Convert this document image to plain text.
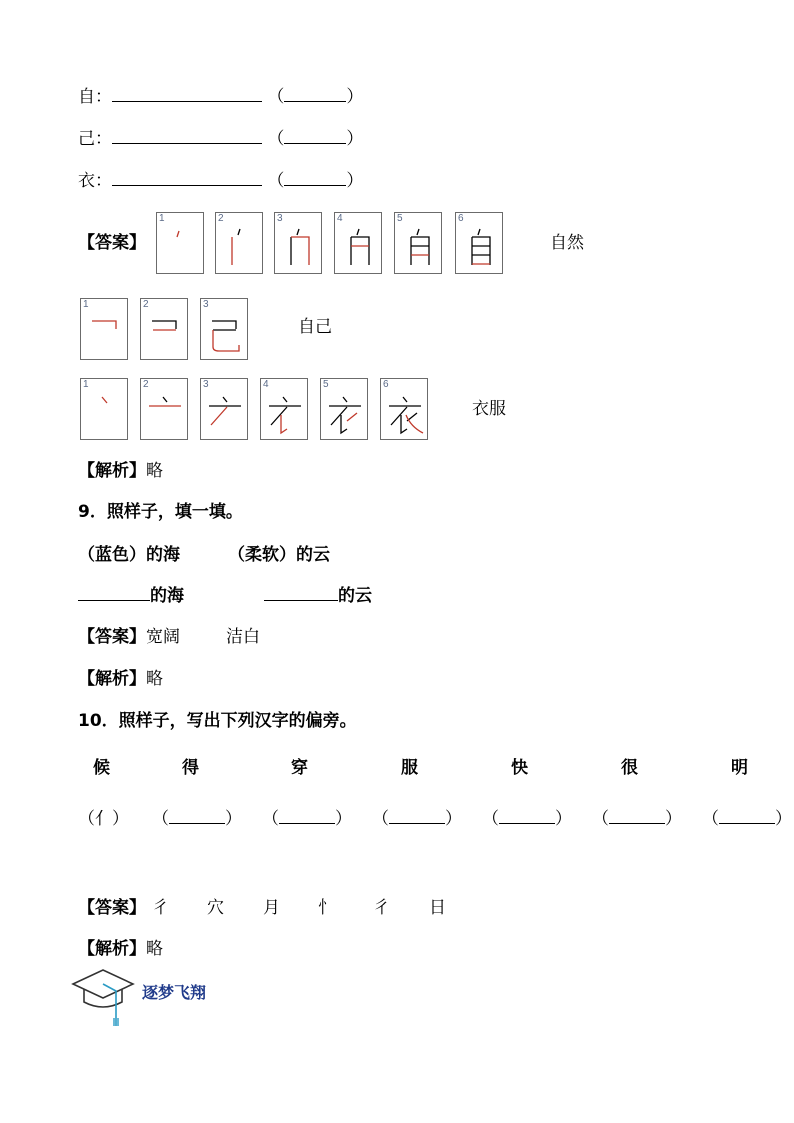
自：	（	）
己：	（	）
衣：	（	）
【答案】
1	2	3	4	5	6
自然
1	2	3
自己
1	2	3	4	5	6
衣服
【解析】略
9．照样子，填一填。
（蓝色）的海	（柔软）的云
的海	的云
【答案】宽阔	洁白
【解析】略
10．照样子，写出下列汉字的偏旁。
候	得	穿	服	快	很	明
（亻） （	） （	） （	） （	） （	） （	）
【答案】 彳 穴 月 忄 彳 日
【解析】略
逐梦飞翔
